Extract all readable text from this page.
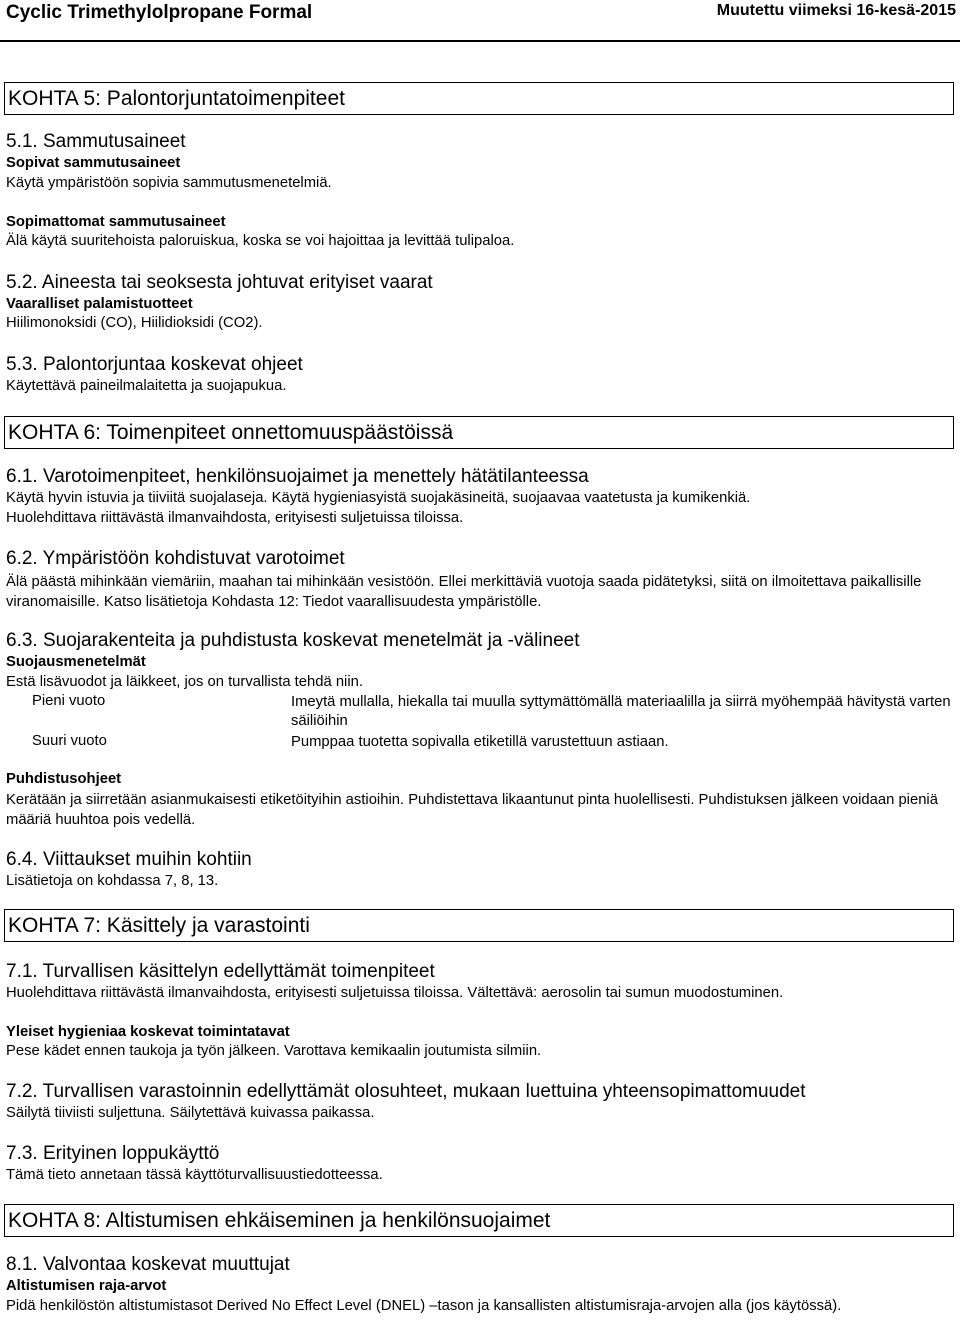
Cyclic Trimethylolpropane Formal	Muutettu viimeksi 16-kesä-2015
KOHTA 5: Palontorjuntatoimenpiteet
5.1. Sammutusaineet
Sopivat sammutusaineet
Käytä ympäristöön sopivia sammutusmenetelmiä.
Sopimattomat sammutusaineet
Älä käytä suuritehoista paloruiskua, koska se voi hajoittaa ja levittää tulipaloa.
5.2. Aineesta tai seoksesta johtuvat erityiset vaarat
Vaaralliset palamistuotteet
Hiilimonoksidi (CO), Hiilidioksidi (CO2).
5.3. Palontorjuntaa koskevat ohjeet
Käytettävä paineilmalaitetta ja suojapukua.
KOHTA 6: Toimenpiteet onnettomuuspäästöissä
6.1. Varotoimenpiteet, henkilönsuojaimet ja menettely hätätilanteessa
Käytä hyvin istuvia ja tiiviitä suojalaseja. Käytä hygieniasyistä suojakäsineitä, suojaavaa vaatetusta ja kumikenkiä.
Huolehdittava riittävästä ilmanvaihdosta, erityisesti suljetuissa tiloissa.
6.2. Ympäristöön kohdistuvat varotoimet
Älä päästä mihinkään viemäriin, maahan tai mihinkään vesistöön. Ellei merkittäviä vuotoja saada pidätetyksi, siitä on ilmoitettava paikallisille viranomaisille. Katso lisätietoja Kohdasta 12: Tiedot vaarallisuudesta ympäristölle.
6.3. Suojarakenteita ja puhdistusta koskevat menetelmät ja -välineet
Suojausmenetelmät
Estä lisävuodot ja läikkeet, jos on turvallista tehdä niin.
Pieni vuoto	Imeytä mullalla, hiekalla tai muulla syttymättömällä materiaalilla ja siirrä myöhempää hävitystä varten säiliöihin
Suuri vuoto	Pumppaa tuotetta sopivalla etiketillä varustettuun astiaan.
Puhdistusohjeet
Kerätään ja siirretään asianmukaisesti etiketöityihin astioihin. Puhdistettava likaantunut pinta huolellisesti. Puhdistuksen jälkeen voidaan pieniä määriä huuhtoa pois vedellä.
6.4. Viittaukset muihin kohtiin
Lisätietoja on kohdassa 7, 8, 13.
KOHTA 7: Käsittely ja varastointi
7.1. Turvallisen käsittelyn edellyttämät toimenpiteet
Huolehdittava riittävästä ilmanvaihdosta, erityisesti suljetuissa tiloissa. Vältettävä: aerosolin tai sumun muodostuminen.
Yleiset hygieniaa koskevat toimintatavat
Pese kädet ennen taukoja ja työn jälkeen. Varottava kemikaalin joutumista silmiin.
7.2. Turvallisen varastoinnin edellyttämät olosuhteet, mukaan luettuina yhteensopimattomuudet
Säilytä tiiviisti suljettuna. Säilytettävä kuivassa paikassa.
7.3. Erityinen loppukäyttö
Tämä tieto annetaan tässä käyttöturvallisuustiedotteessa.
KOHTA 8: Altistumisen ehkäiseminen ja henkilönsuojaimet
8.1. Valvontaa koskevat muuttujat
Altistumisen raja-arvot
Pidä henkilöstön altistumistasot Derived No Effect Level (DNEL) –tason ja kansallisten altistumisraja-arvojen alla (jos käytössä).
